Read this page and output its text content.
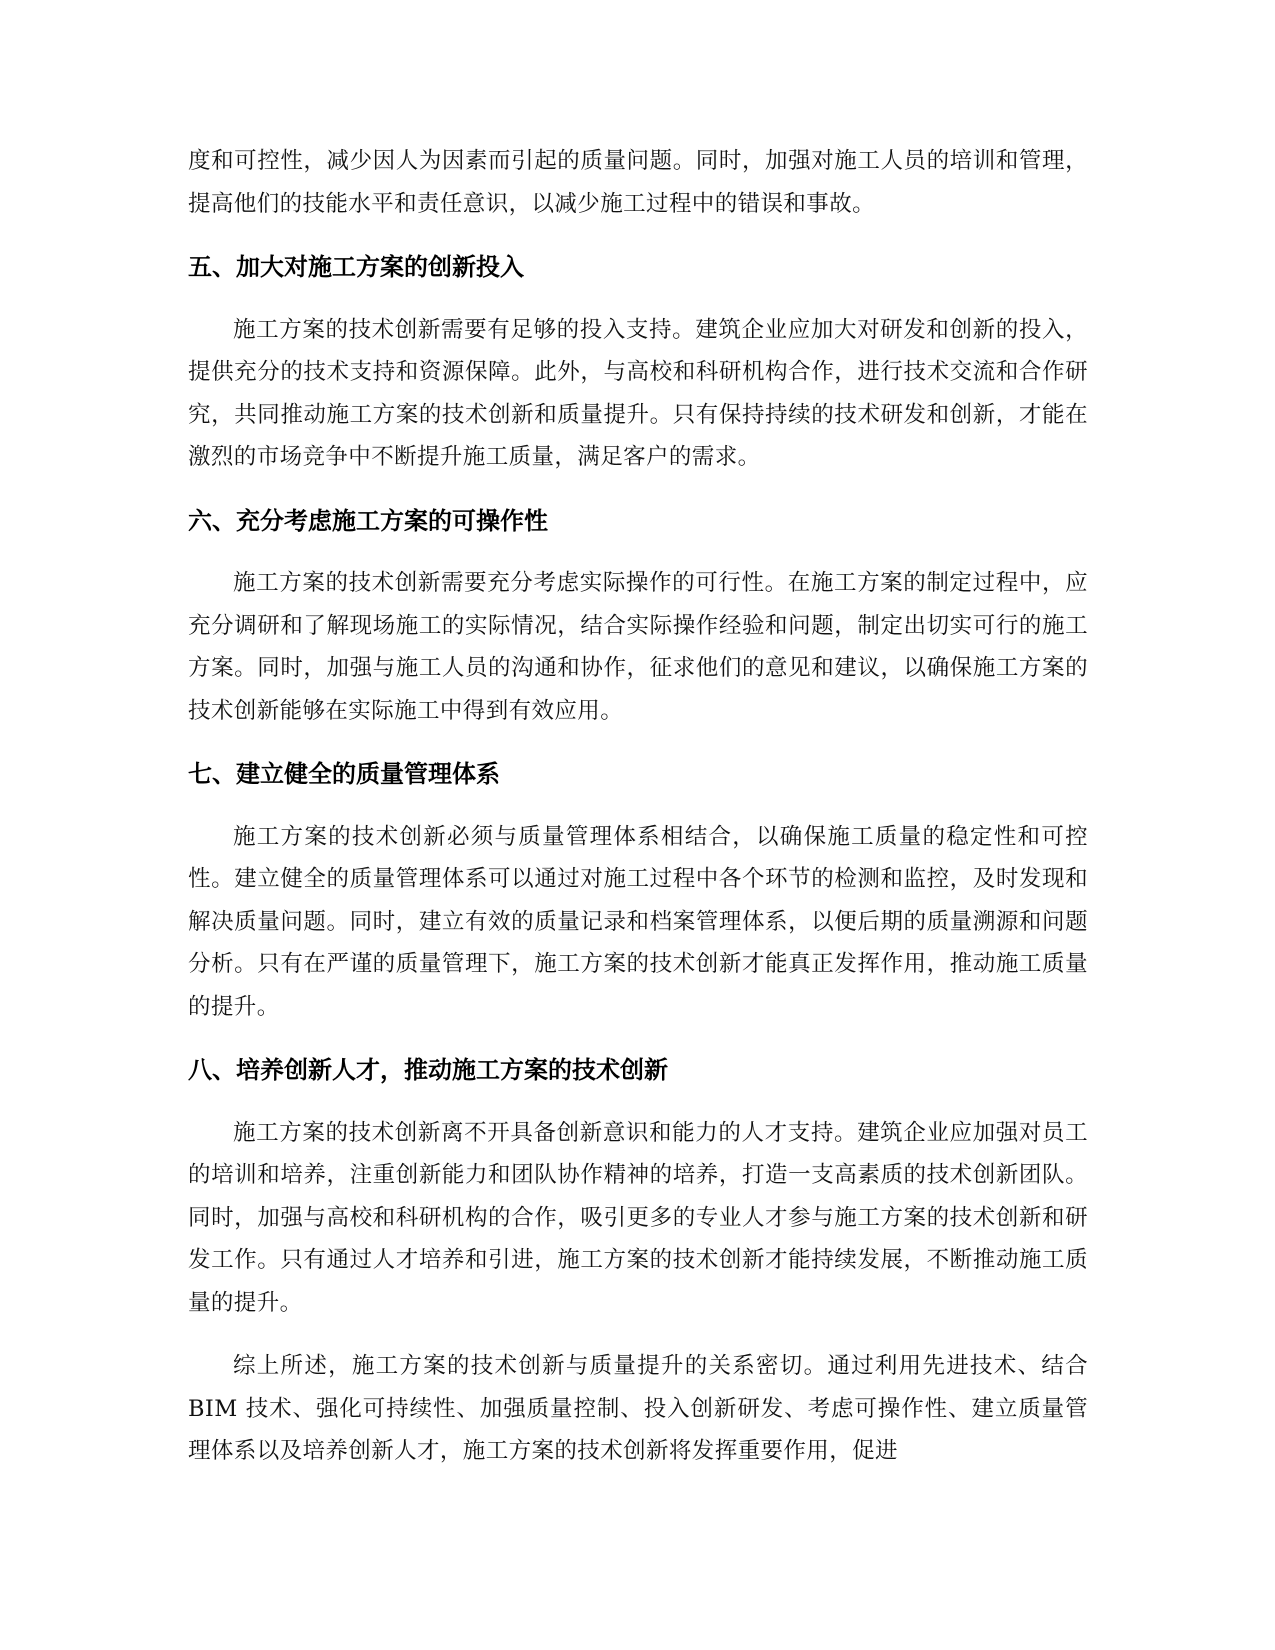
度和可控性，减少因人为因素而引起的质量问题。同时，加强对施工人员的培训和管理，提高他们的技能水平和责任意识，以减少施工过程中的错误和事故。

五、加大对施工方案的创新投入

施工方案的技术创新需要有足够的投入支持。建筑企业应加大对研发和创新的投入，提供充分的技术支持和资源保障。此外，与高校和科研机构合作，进行技术交流和合作研究，共同推动施工方案的技术创新和质量提升。只有保持持续的技术研发和创新，才能在激烈的市场竞争中不断提升施工质量，满足客户的需求。

六、充分考虑施工方案的可操作性

施工方案的技术创新需要充分考虑实际操作的可行性。在施工方案的制定过程中，应充分调研和了解现场施工的实际情况，结合实际操作经验和问题，制定出切实可行的施工方案。同时，加强与施工人员的沟通和协作，征求他们的意见和建议，以确保施工方案的技术创新能够在实际施工中得到有效应用。

七、建立健全的质量管理体系

施工方案的技术创新必须与质量管理体系相结合，以确保施工质量的稳定性和可控性。建立健全的质量管理体系可以通过对施工过程中各个环节的检测和监控，及时发现和解决质量问题。同时，建立有效的质量记录和档案管理体系，以便后期的质量溯源和问题分析。只有在严谨的质量管理下，施工方案的技术创新才能真正发挥作用，推动施工质量的提升。

八、培养创新人才，推动施工方案的技术创新

施工方案的技术创新离不开具备创新意识和能力的人才支持。建筑企业应加强对员工的培训和培养，注重创新能力和团队协作精神的培养，打造一支高素质的技术创新团队。同时，加强与高校和科研机构的合作，吸引更多的专业人才参与施工方案的技术创新和研发工作。只有通过人才培养和引进，施工方案的技术创新才能持续发展，不断推动施工质量的提升。

综上所述，施工方案的技术创新与质量提升的关系密切。通过利用先进技术、结合 BIM 技术、强化可持续性、加强质量控制、投入创新研发、考虑可操作性、建立质量管理体系以及培养创新人才，施工方案的技术创新将发挥重要作用，促进
